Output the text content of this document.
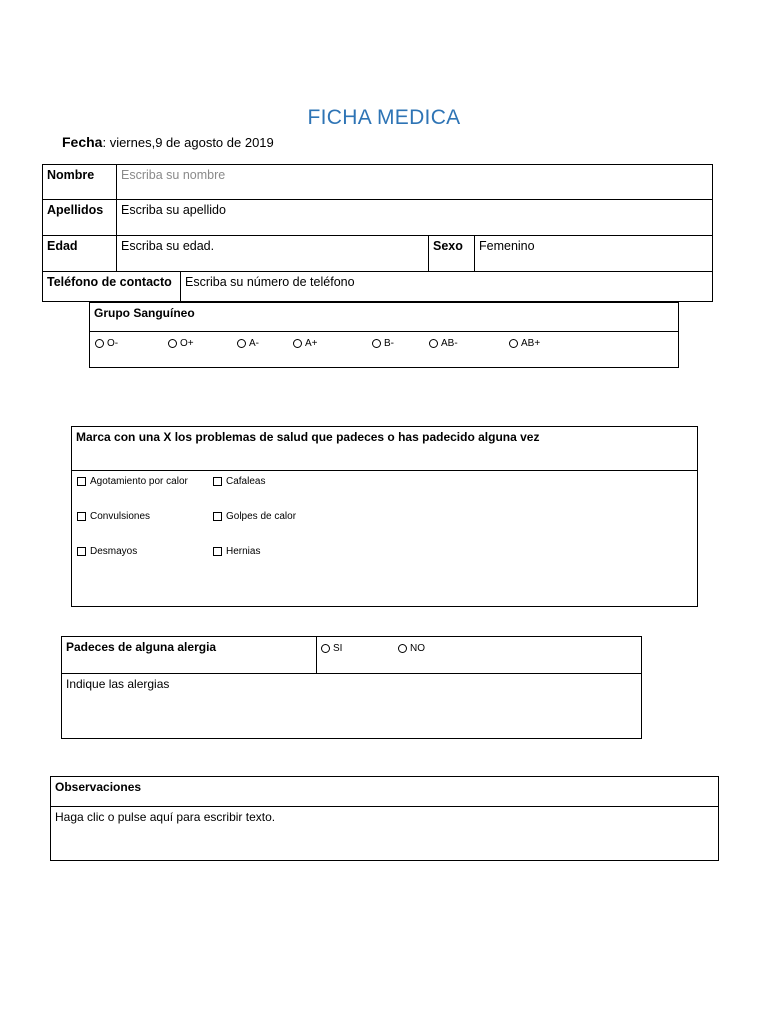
FICHA MEDICA
Fecha: viernes,9 de agosto de 2019
Nombre	Escriba su nombre
Apellidos	Escriba su apellido
Edad	Escriba su edad.	Sexo	Femenino
Teléfono de contacto	Escriba su número de teléfono
Grupo Sanguíneo
O-	O+	A-	A+	B-	AB-	AB+
Marca con una X los problemas de salud que padeces o has padecido alguna vez
Agotamiento por calor
Convulsiones
Desmayos
Cafaleas
Golpes de calor
Hernias
Padeces de alguna alergia	SI	NO
Indique las alergias
Observaciones
Haga clic o pulse aquí para escribir texto.
